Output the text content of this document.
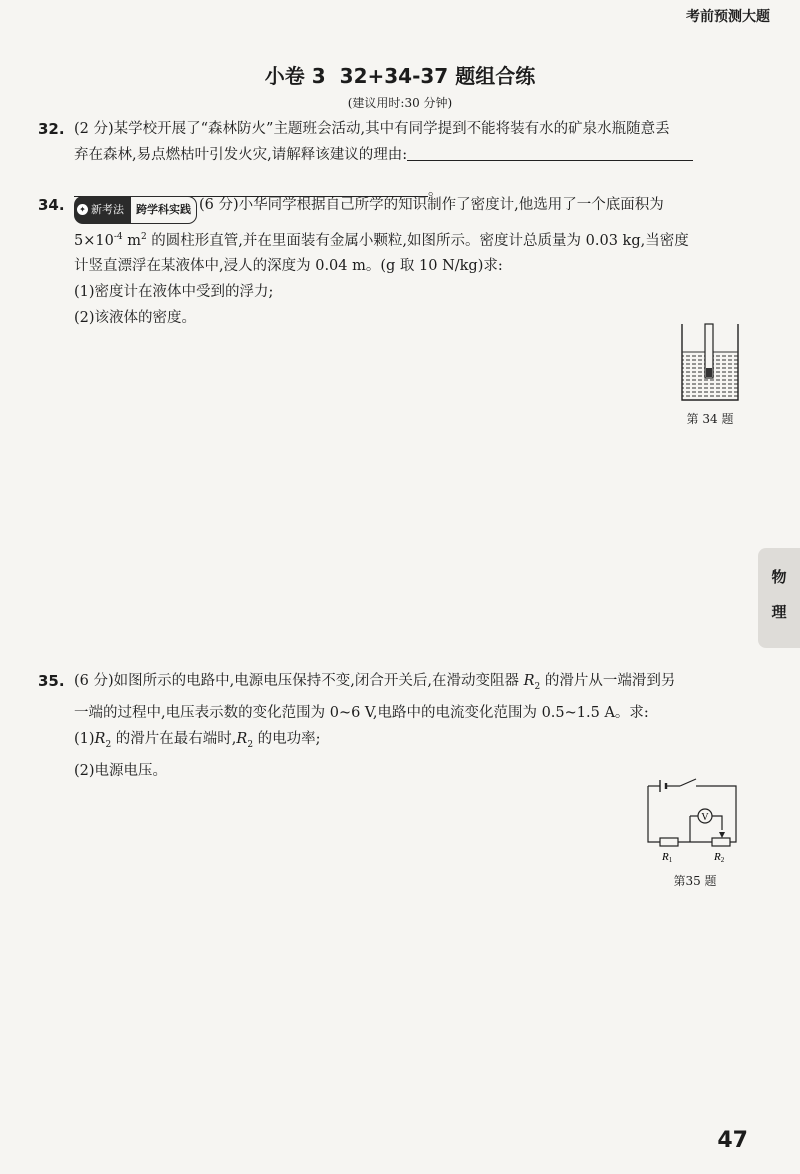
考前预测大题
小卷 3 32+34-37 题组合练
(建议用时:30 分钟)
32. (2 分)某学校开展了“森林防火”主题班会活动,其中有同学提到不能将装有水的矿泉水瓶随意丢
弃在森林,易点燃枯叶引发火灾,请解释该建议的理由:
。
34. ✦ 新考法	跨学科实践 (6 分)小华同学根据自己所学的知识制作了密度计,他选用了一个底面积为
$5\times 10^{-4}$ $m^2$ 的圆柱形直管,并在里面装有金属小颗粒,如图所示。密度计总质量为 0.03 kg,当密度
计竖直漂浮在某液体中,浸人的深度为 0.04 m。(g 取 10 N/kg)求:
(1)密度计在液体中受到的浮力;
(2)该液体的密度。
第 34 题
物
理
35. (6 分)如图所示的电路中,电源电压保持不变,闭合开关后,在滑动变阻器 $R_2$ 的滑片从一端滑到另
一端的过程中,电压表示数的变化范围为 0~6 V,电路中的电流变化范围为 0.5~1.5 A。求:
$(1)R_2$ 的滑片在最右端时$,R_2$ 的电功率;
(2)电源电压。
V
R1	R2
第35 题
47
